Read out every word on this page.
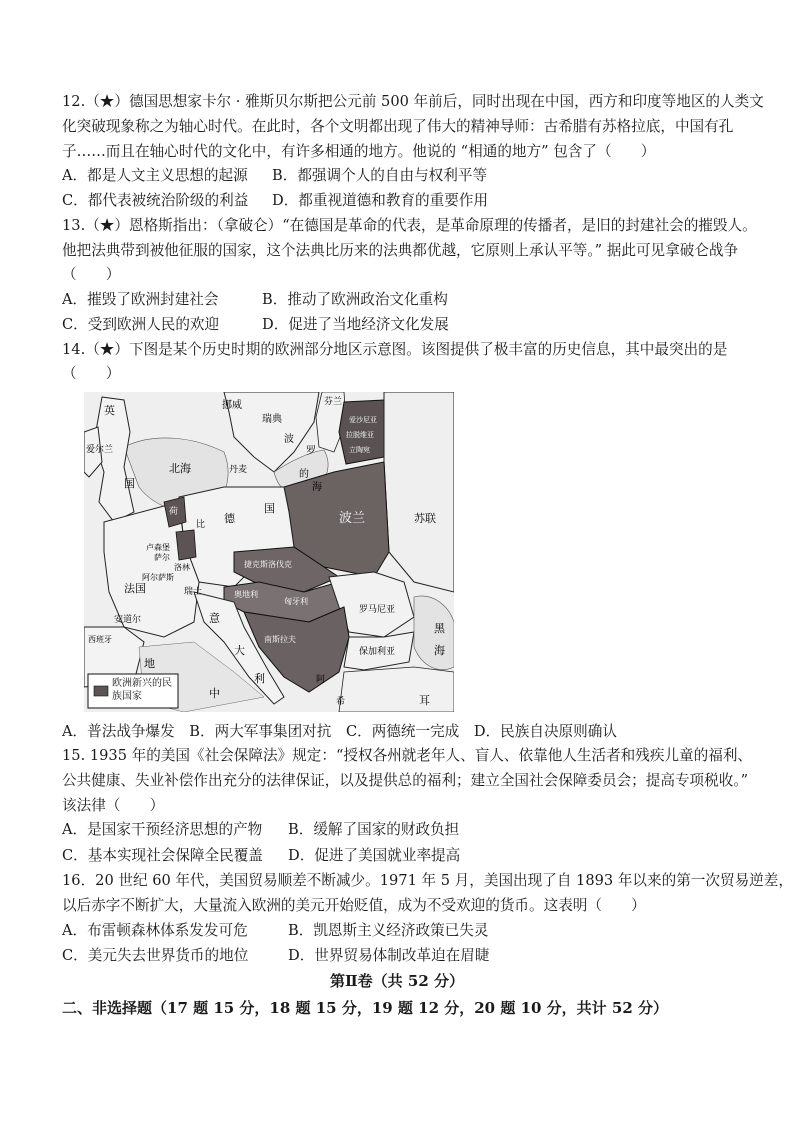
12.（★）德国思想家卡尔 · 雅斯贝尔斯把公元前 500 年前后，同时出现在中国，西方和印度等地区的人类文
化突破现象称之为轴心时代。在此时，各个文明都出现了伟大的精神导师：古希腊有苏格拉底，中国有孔
子……而且在轴心时代的文化中，有许多相通的地方。他说的 “相通的地方” 包含了（　　）
A．都是人文主义思想的起源 B．都强调个人的自由与权利平等
C．都代表被统治阶级的利益 D．都重视道德和教育的重要作用
13.（★）恩格斯指出：（拿破仑）“在德国是革命的代表，是革命原理的传播者，是旧的封建社会的摧毁人。
他把法典带到被他征服的国家，这个法典比历来的法典都优越，它原则上承认平等。” 据此可见拿破仑战争
（　　）
A．摧毁了欧洲封建社会	B．推动了欧洲政治文化重构
C．受到欧洲人民的欢迎	D．促进了当地经济文化发展
14.（★）下图是某个历史时期的欧洲部分地区示意图。该图提供了极丰富的历史信息，其中最突出的是
（　　）
英
国
爱尔兰
北海
挪威
瑞典
芬兰
爱沙尼亚
拉脱维亚
立陶宛
苏联
波兰
波
罗
的
海
丹麦
荷
比 德
国
卢森堡
萨尔
阿尔萨斯
洛林
法国	瑞士
捷克斯洛伐克
奥地利
匈牙利
罗马尼亚
南斯拉夫
保加利亚
安道尔
西班牙
意
大
利
地
中
黑
海
耳
阿
希
欧洲新兴的民族国家
A．普法战争爆发　B．两大军事集团对抗　C．两德统一完成　D．民族自决原则确认
15. 1935 年的美国《社会保障法》规定：“授权各州就老年人、盲人、依靠他人生活者和残疾儿童的福利、
公共健康、失业补偿作出充分的法律保证，以及提供总的福利；建立全国社会保障委员会；提高专项税收。”
该法律（　　）
A．是国家干预经济思想的产物 B．缓解了国家的财政负担
C．基本实现社会保障全民覆盖 D．促进了美国就业率提高
16．20 世纪 60 年代，美国贸易顺差不断减少。1971 年 5 月，美国出现了自 1893 年以来的第一次贸易逆差，
以后赤字不断扩大，大量流入欧洲的美元开始贬值，成为不受欢迎的货币。这表明（　　）
A．布雷顿森林体系发发可危	B．凯恩斯主义经济政策已失灵
C．美元失去世界货币的地位	D．世界贸易体制改革迫在眉睫
第Ⅱ卷（共 52 分）
二、非选择题（17 题 15 分，18 题 15 分，19 题 12 分，20 题 10 分，共计 52 分）
